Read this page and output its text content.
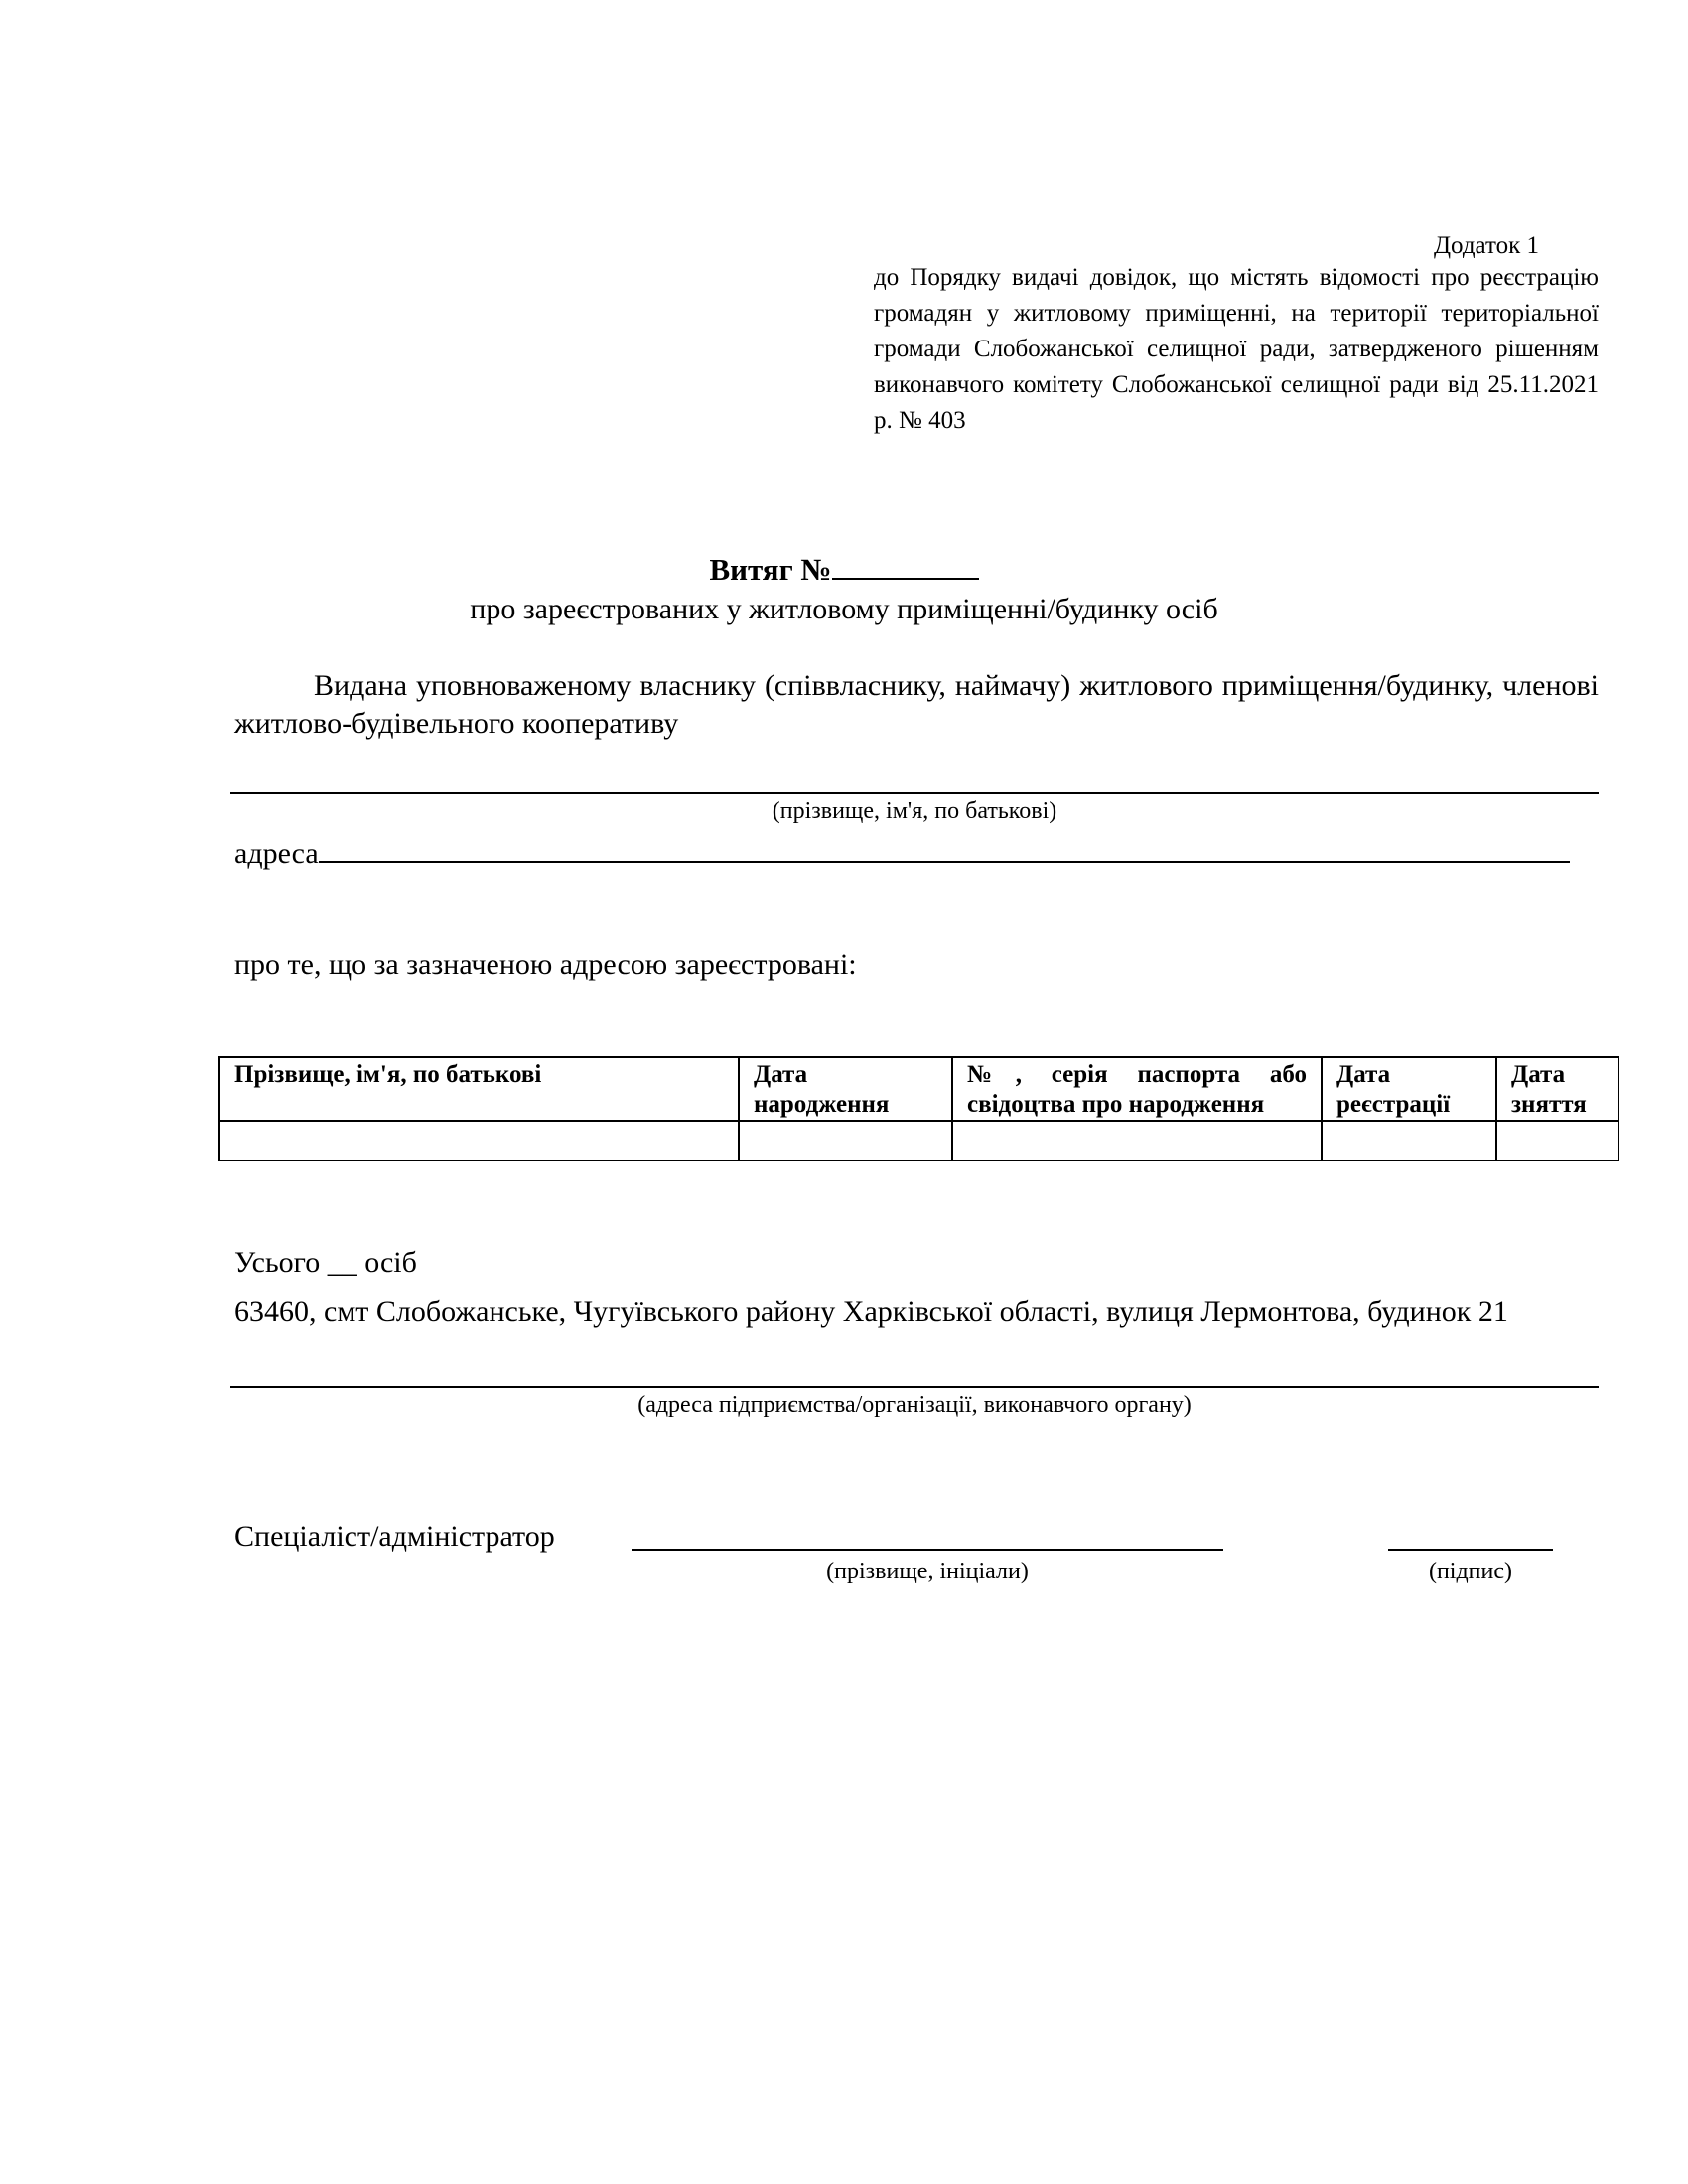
Додаток 1
до Порядку видачі довідок, що містять відомості про реєстрацію громадян у житловому приміщенні, на території територіальної громади Слобожанської селищної ради, затвердженого рішенням виконавчого комітету Слобожанської селищної ради від 25.11.2021 р. № 403
Витяг №
про зареєстрованих у житловому приміщенні/будинку осіб
Видана уповноваженому власнику (співвласнику, наймачу) житлового приміщення/будинку, членові житлово-будівельного кооперативу
(прізвище, ім'я, по батькові)
адреса
про те, що за зазначеною адресою зареєстровані:
Прізвище, ім'я, по батькові	Дата народження	№, серія паспорта або свідоцтва про народження	Дата реєстрації	Дата зняття

Усього __ осіб
63460, смт Слобожанське, Чугуївського району Харківської області, вулиця Лермонтова, будинок 21
(адреса підприємства/організації, виконавчого органу)
Спеціаліст/адміністратор
(прізвище, ініціали)	(підпис)
